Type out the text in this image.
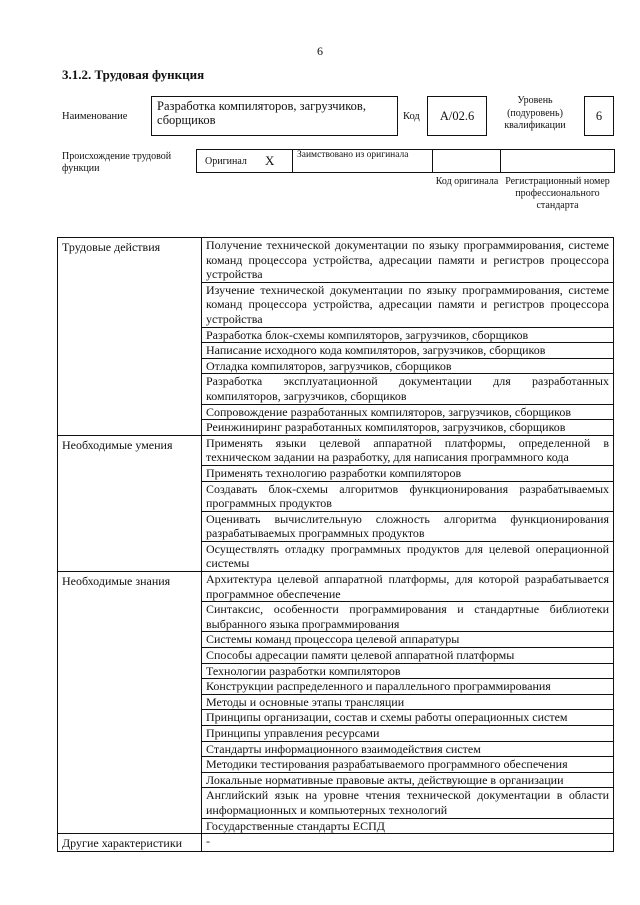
6
3.1.2. Трудовая функция
Наименование
Разработка компиляторов, загрузчиков, сборщиков	Код	A/02.6
Уровень
(подуровень)
квалификации
6
Происхождение трудовой функции
Оригинал X Заимствовано из оригинала
Код оригинала Регистрационный номер профессионального стандарта
Трудовые действия	Получение технической документации по языку программирования, системе команд процессора устройства, адресации памяти и регистров процессора устройства
	Изучение технической документации по языку программирования, системе команд процессора устройства, адресации памяти и регистров процессора устройства
	Разработка блок-схемы компиляторов, загрузчиков, сборщиков
	Написание исходного кода компиляторов, загрузчиков, сборщиков
	Отладка компиляторов, загрузчиков, сборщиков
	Разработка эксплуатационной документации для разработанных компиляторов, загрузчиков, сборщиков
	Сопровождение разработанных компиляторов, загрузчиков, сборщиков
	Реинжиниринг разработанных компиляторов, загрузчиков, сборщиков
Необходимые умения	Применять языки целевой аппаратной платформы, определенной в техническом задании на разработку, для написания программного кода
	Применять технологию разработки компиляторов
	Создавать блок-схемы алгоритмов функционирования разрабатываемых программных продуктов
	Оценивать вычислительную сложность алгоритма функционирования разрабатываемых программных продуктов
	Осуществлять отладку программных продуктов для целевой операционной системы
Необходимые знания	Архитектура целевой аппаратной платформы, для которой разрабатывается программное обеспечение
	Синтаксис, особенности программирования и стандартные библиотеки выбранного языка программирования
	Системы команд процессора целевой аппаратуры
	Способы адресации памяти целевой аппаратной платформы
	Технологии разработки компиляторов
	Конструкции распределенного и параллельного программирования
	Методы и основные этапы трансляции
	Принципы организации, состав и схемы работы операционных систем
	Принципы управления ресурсами
	Стандарты информационного взаимодействия систем
	Методики тестирования разрабатываемого программного обеспечения
	Локальные нормативные правовые акты, действующие в организации
	Английский язык на уровне чтения технической документации в области информационных и компьютерных технологий
	Государственные стандарты ЕСПД
Другие характеристики	-
